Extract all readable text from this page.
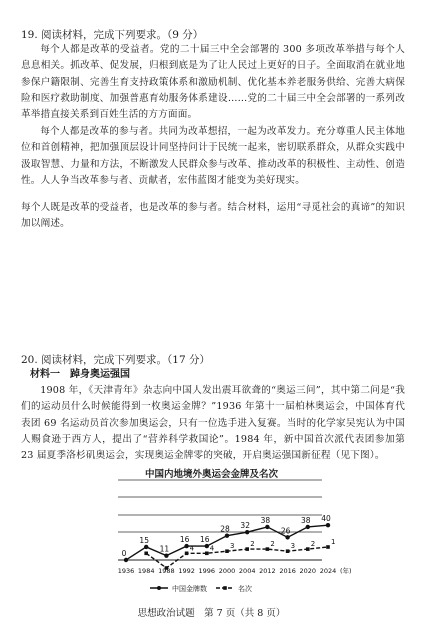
19. 阅读材料，完成下列要求。（9 分）
每个人都是改革的受益者。党的二十届三中全会部署的 300 多项改革举措与每个人息息相关。抓改革、促发展，归根到底是为了让人民过上更好的日子。全面取消在就业地参保户籍限制、完善生育支持政策体系和激励机制、优化基本养老服务供给、完善大病保险和医疗救助制度、加强普惠育幼服务体系建设……党的二十届三中全会部署的一系列改革举措直接关系到百姓生活的方方面面。
每个人都是改革的参与者。共同为改革想招，一起为改革发力。充分尊重人民主体地位和首创精神，把加强顶层设计同坚持问计于民统一起来，密切联系群众，从群众实践中汲取智慧、力量和方法，不断激发人民群众参与改革、推动改革的积极性、主动性、创造性。人人争当改革参与者、贡献者，宏伟蓝图才能变为美好现实。
每个人既是改革的受益者，也是改革的参与者。结合材料，运用“寻觅社会的真谛”的知识加以阐述。
20. 阅读材料，完成下列要求。（17 分）
材料一　踔身奥运强国
1908 年，《天津青年》杂志向中国人发出震耳欲聋的“奥运三问”，其中第二问是“我们的运动员什么时候能得到一枚奥运金牌？”1936 年第十一届柏林奥运会，中国体育代表团 69 名运动员首次参加奥运会，只有一位选手进入复赛。当时的化学家吴宪认为中国人赐食逊于西方人，提出了“营养科学救国论”。1984 年，新中国首次派代表团参加第 23 届夏季洛杉矶奥运会，实现奥运金牌零的突破，开启奥运强国新征程（见下图）。
中国内地境外奥运会金牌及名次
0
15
11
16 16
28 32
38
26
38 40
4 4 3 2 2 3 2 1
1936 1984 1988 1992 1996 2000 2004 2012 2016 2020 2024 (年)
中国金牌数	名次
思想政治试题　第 7 页（共 8 页）
